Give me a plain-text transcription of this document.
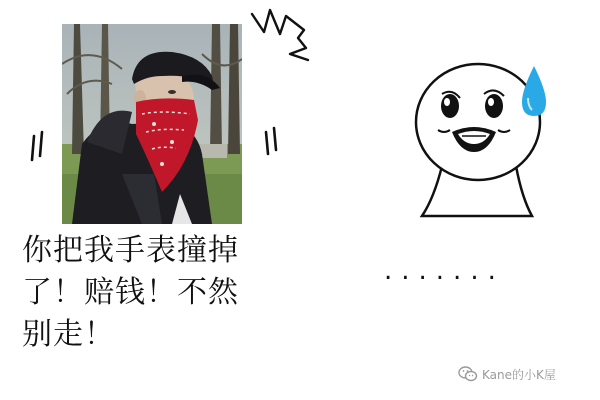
你把我手表撞掉
了！赔钱！不然
别走！
.......
Kane的小K屋
